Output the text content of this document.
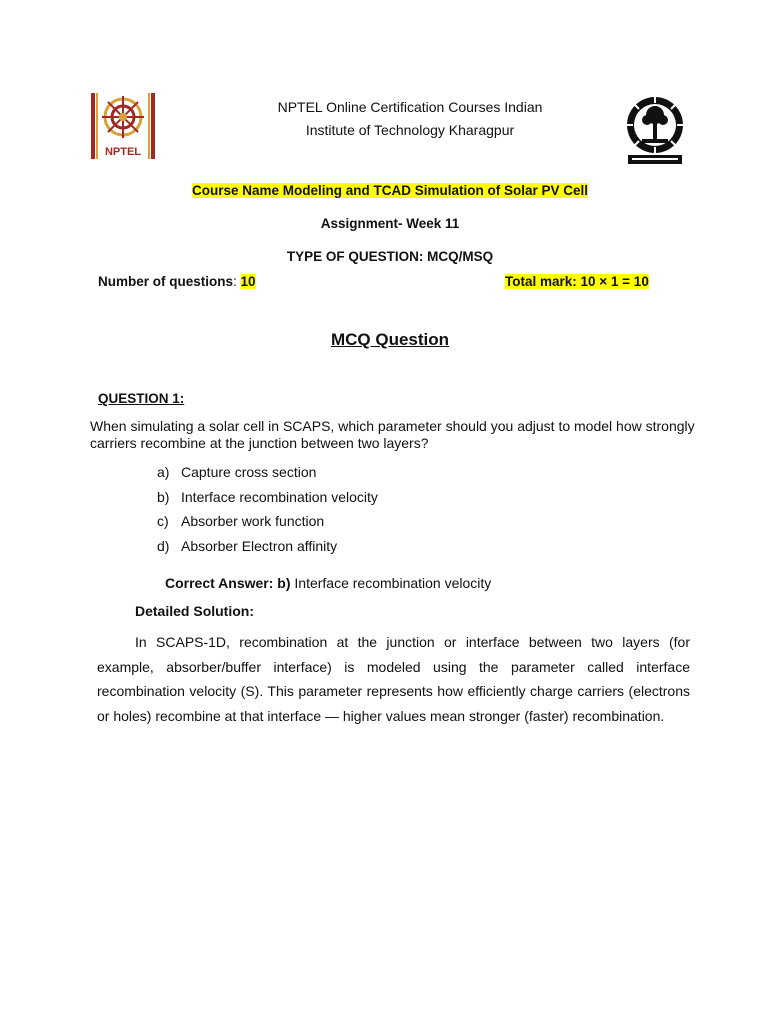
NPTEL
NPTEL Online Certification Courses Indian
Institute of Technology Kharagpur
Course Name Modeling and TCAD Simulation of Solar PV Cell
Assignment- Week 11
TYPE OF QUESTION: MCQ/MSQ
Number of questions: 10	Total mark: 10 × 1 = 10
MCQ Question
QUESTION 1:
When simulating a solar cell in SCAPS, which parameter should you adjust to model how strongly carriers recombine at the junction between two layers?
a) Capture cross section
b) Interface recombination velocity
c) Absorber work function
d) Absorber Electron affinity
Correct Answer: b) Interface recombination velocity
Detailed Solution:
In SCAPS-1D, recombination at the junction or interface between two layers (for example, absorber/buffer interface) is modeled using the parameter called interface recombination velocity (S). This parameter represents how efficiently charge carriers (electrons or holes) recombine at that interface — higher values mean stronger (faster) recombination.
